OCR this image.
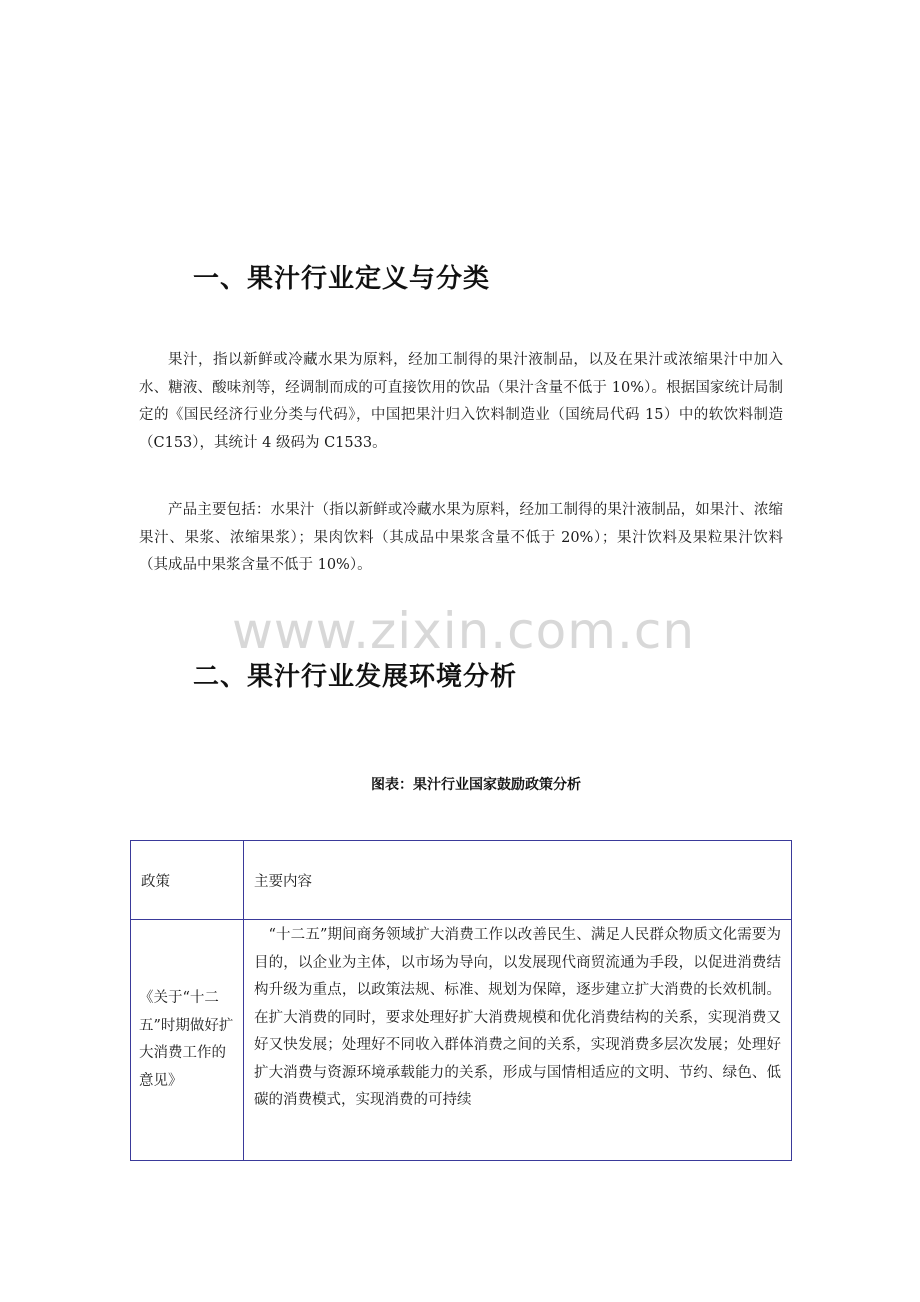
一、果汁行业定义与分类

果汁，指以新鲜或冷藏水果为原料，经加工制得的果汁液制品，以及在果汁或浓缩果汁中加入水、糖液、酸味剂等，经调制而成的可直接饮用的饮品（果汁含量不低于 10%）。根据国家统计局制定的《国民经济行业分类与代码》，中国把果汁归入饮料制造业（国统局代码 15）中的软饮料制造（C153），其统计 4 级码为 C1533。

产品主要包括：水果汁（指以新鲜或冷藏水果为原料，经加工制得的果汁液制品，如果汁、浓缩果汁、果浆、浓缩果浆）；果肉饮料（其成品中果浆含量不低于 20%）；果汁饮料及果粒果汁饮料（其成品中果浆含量不低于 10%）。

www.zixin.com.cn
二、果汁行业发展环境分析
图表：果汁行业国家鼓励政策分析
政策	主要内容
《关于“十二五”时期做好扩大消费工作的意见》	“十二五”期间商务领域扩大消费工作以改善民生、满足人民群众物质文化需要为目的，以企业为主体，以市场为导向，以发展现代商贸流通为手段，以促进消费结构升级为重点，以政策法规、标准、规划为保障，逐步建立扩大消费的长效机制。在扩大消费的同时，要求处理好扩大消费规模和优化消费结构的关系，实现消费又好又快发展；处理好不同收入群体消费之间的关系，实现消费多层次发展；处理好扩大消费与资源环境承载能力的关系，形成与国情相适应的文明、节约、绿色、低碳的消费模式，实现消费的可持续
